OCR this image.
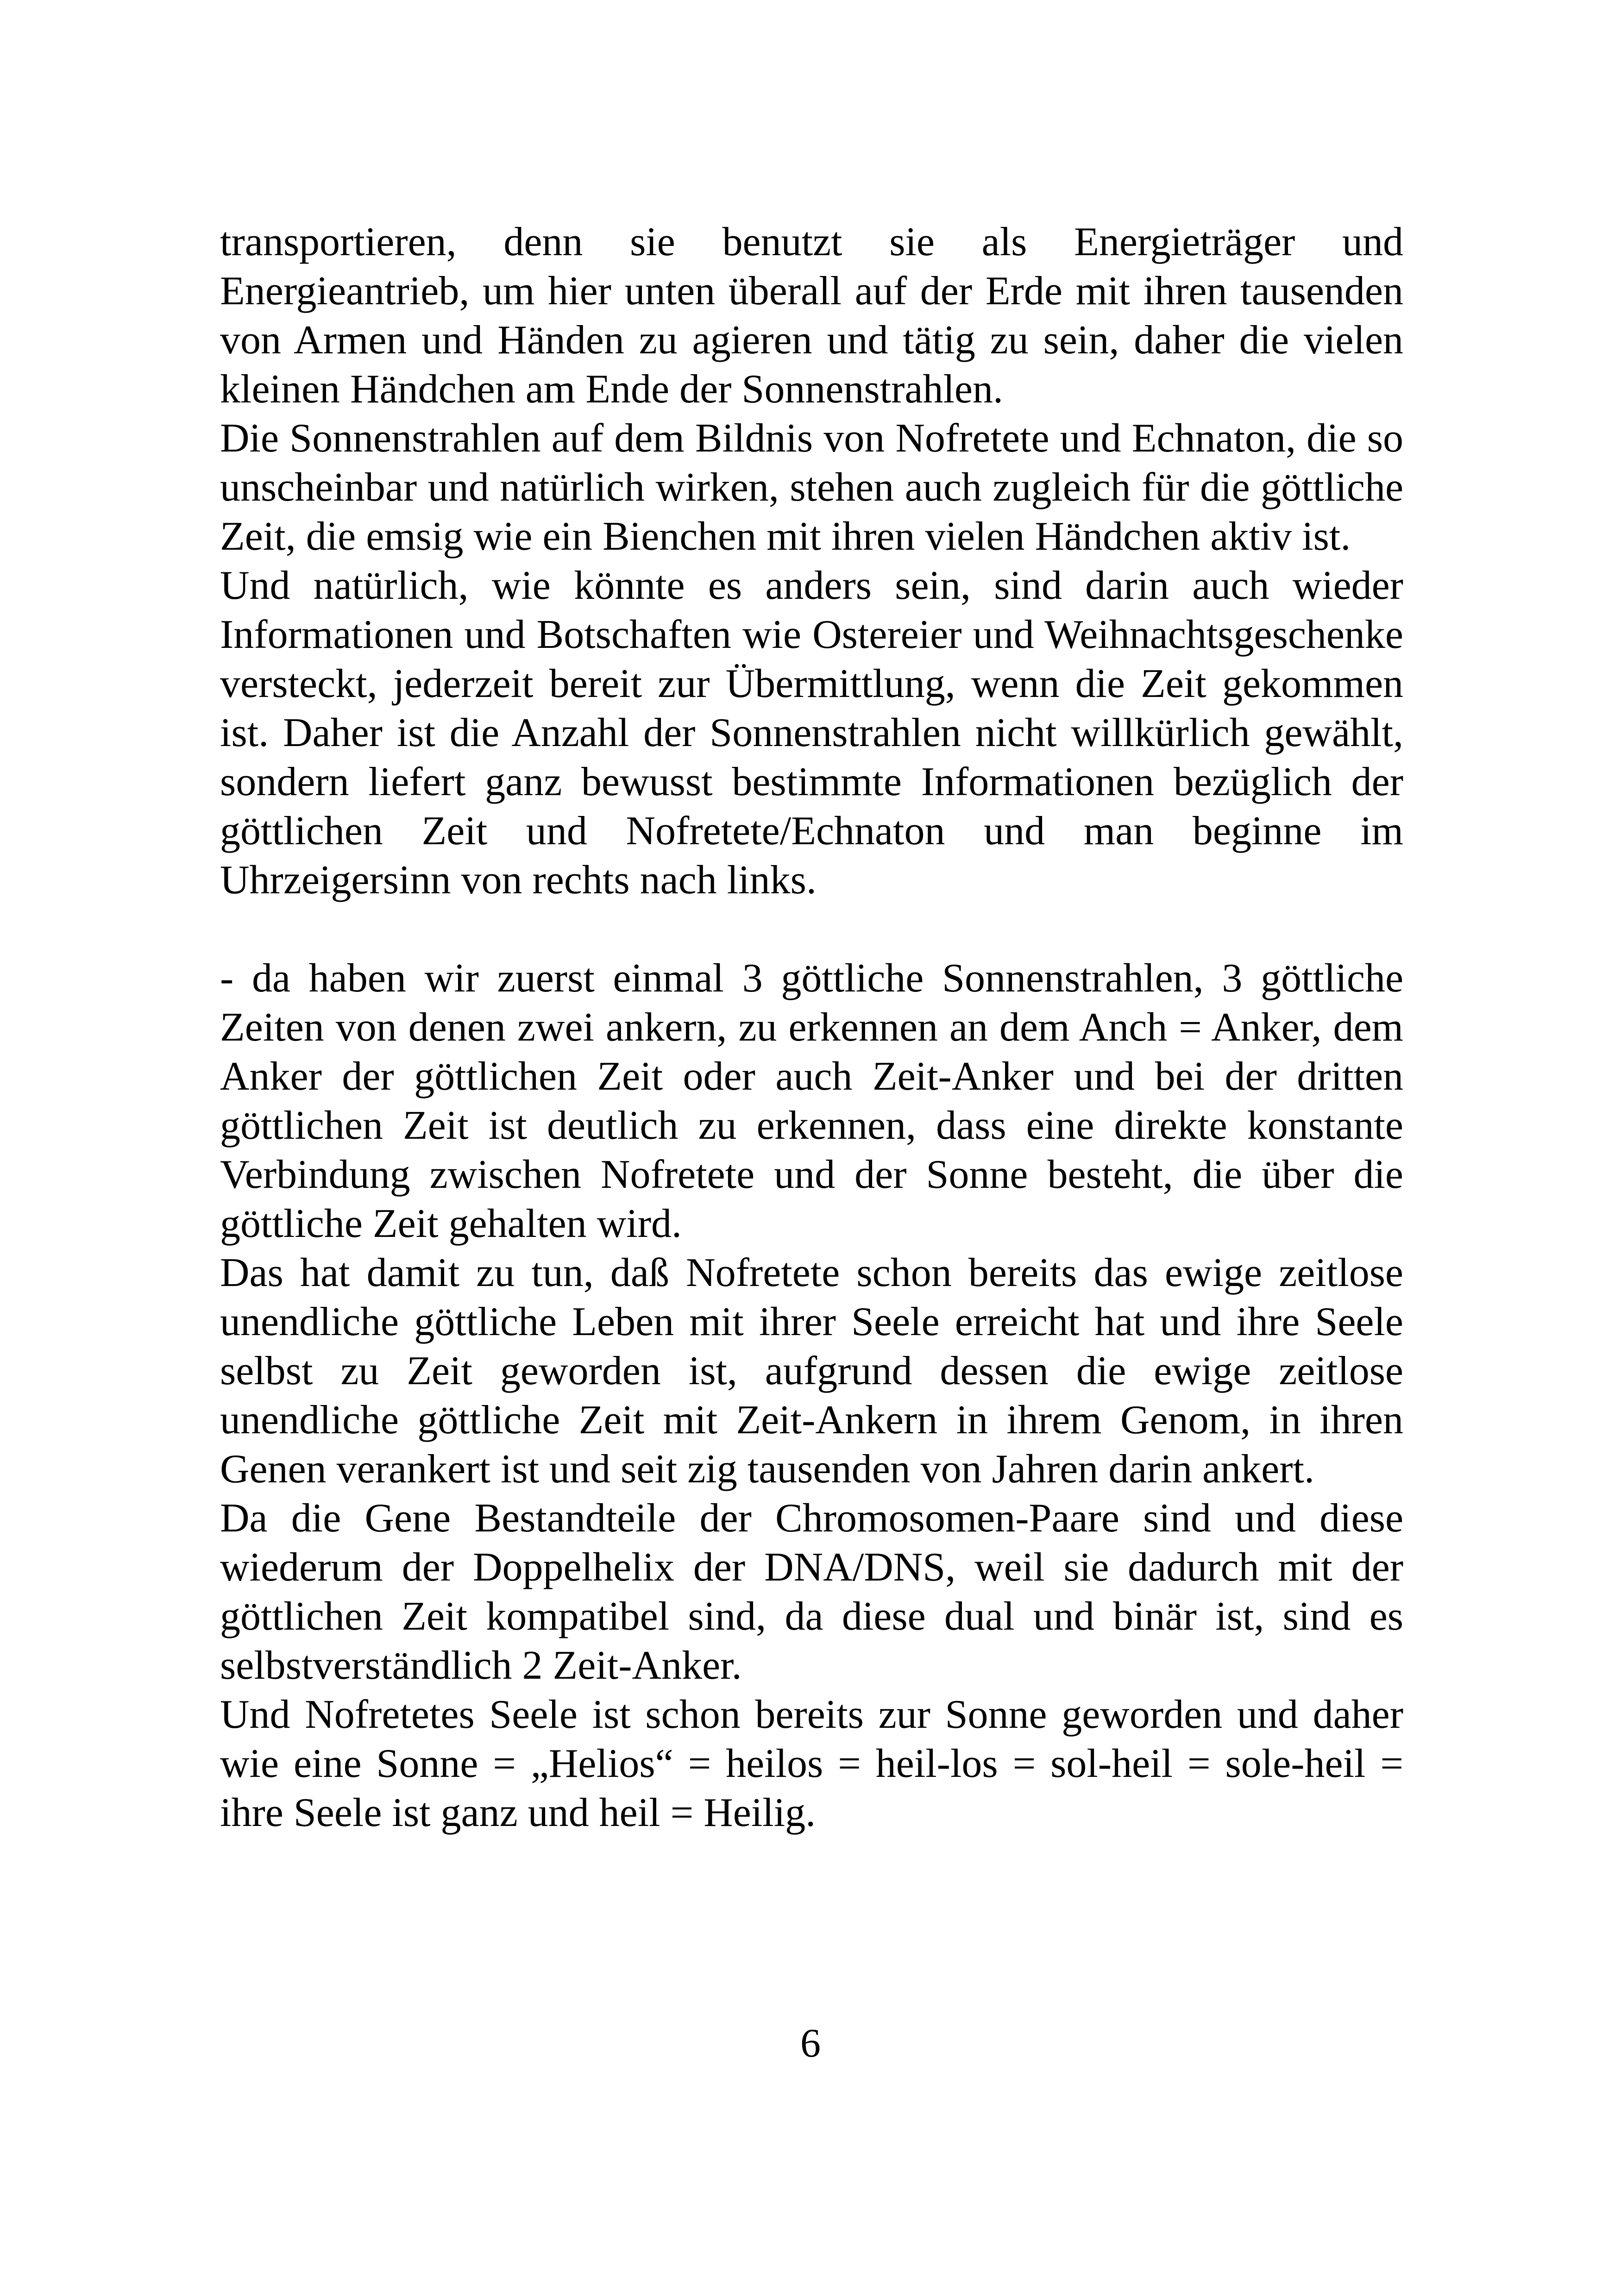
transportieren, denn sie benutzt sie als Energieträger und Energieantrieb, um hier unten überall auf der Erde mit ihren tausenden von Armen und Händen zu agieren und tätig zu sein, daher die vielen kleinen Händchen am Ende der Sonnenstrahlen.

Die Sonnenstrahlen auf dem Bildnis von Nofretete und Echnaton, die so unscheinbar und natürlich wirken, stehen auch zugleich für die göttliche Zeit, die emsig wie ein Bienchen mit ihren vielen Händchen aktiv ist.

Und natürlich, wie könnte es anders sein, sind darin auch wieder Informationen und Botschaften wie Ostereier und Weihnachtsgeschenke versteckt, jederzeit bereit zur Übermittlung, wenn die Zeit gekommen ist. Daher ist die Anzahl der Sonnenstrahlen nicht willkürlich gewählt, sondern liefert ganz bewusst bestimmte Informationen bezüglich der göttlichen Zeit und Nofretete/Echnaton und man beginne im Uhrzeigersinn von rechts nach links.

- da haben wir zuerst einmal 3 göttliche Sonnenstrahlen, 3 göttliche Zeiten von denen zwei ankern, zu erkennen an dem Anch = Anker, dem Anker der göttlichen Zeit oder auch Zeit-Anker und bei der dritten göttlichen Zeit ist deutlich zu erkennen, dass eine direkte konstante Verbindung zwischen Nofretete und der Sonne besteht, die über die göttliche Zeit gehalten wird.

Das hat damit zu tun, daß Nofretete schon bereits das ewige zeitlose unendliche göttliche Leben mit ihrer Seele erreicht hat und ihre Seele selbst zu Zeit geworden ist, aufgrund dessen die ewige zeitlose unendliche göttliche Zeit mit Zeit-Ankern in ihrem Genom, in ihren Genen verankert ist und seit zig tausenden von Jahren darin ankert.

Da die Gene Bestandteile der Chromosomen-Paare sind und diese wiederum der Doppelhelix der DNA/DNS, weil sie dadurch mit der göttlichen Zeit kompatibel sind, da diese dual und binär ist, sind es selbstverständlich 2 Zeit-Anker.

Und Nofretetes Seele ist schon bereits zur Sonne geworden und daher wie eine Sonne = „Helios“ = heilos = heil-los = sol-heil = sole-heil = ihre Seele ist ganz und heil = Heilig.

6
